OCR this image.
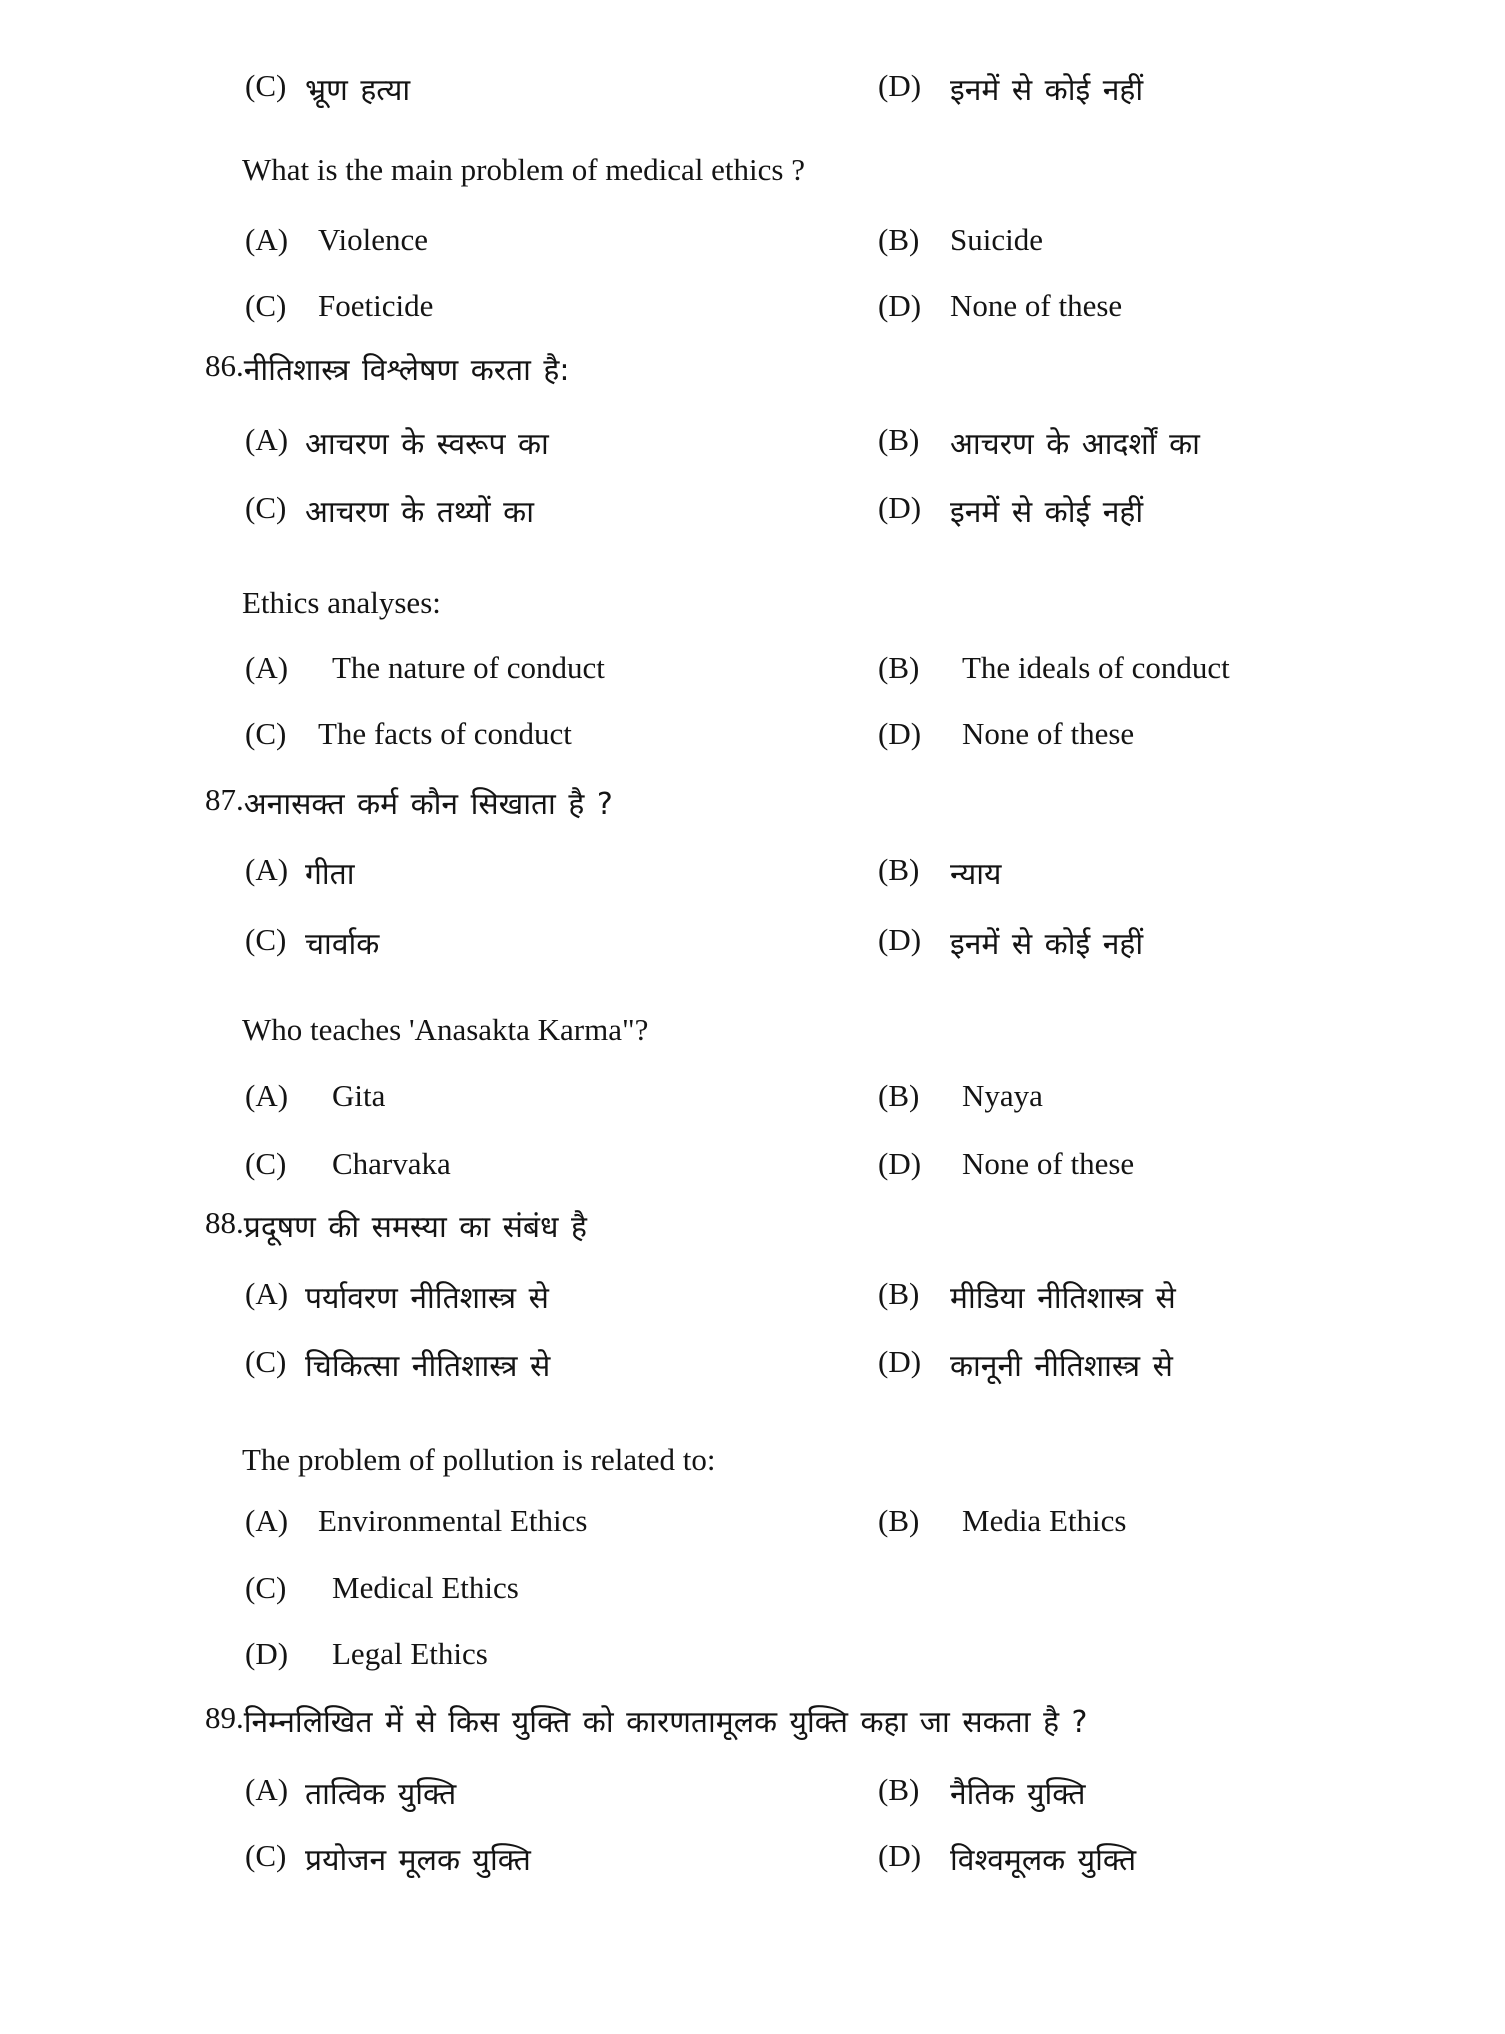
(C) भ्रूण हत्या	(D) इनमें से कोई नहीं
What is the main problem of medical ethics ?
(A) Violence	(B) Suicide
(C) Foeticide	(D) None of these
86. नीतिशास्त्र विश्लेषण करता है:
(A) आचरण के स्वरूप का	(B) आचरण के आदर्शों का
(C) आचरण के तथ्यों का	(D) इनमें से कोई नहीं
Ethics analyses:
(A) The nature of conduct	(B) The ideals of conduct
(C) The facts of conduct	(D) None of these
87. अनासक्त कर्म कौन सिखाता है ?
(A) गीता	(B) न्याय
(C) चार्वाक	(D) इनमें से कोई नहीं
Who teaches 'Anasakta Karma"?
(A) Gita	(B) Nyaya
(C) Charvaka	(D) None of these
88. प्रदूषण की समस्या का संबंध है
(A) पर्यावरण नीतिशास्त्र से	(B) मीडिया नीतिशास्त्र से
(C) चिकित्सा नीतिशास्त्र से	(D) कानूनी नीतिशास्त्र से
The problem of pollution is related to:
(A) Environmental Ethics	(B) Media Ethics
(C) Medical Ethics
(D) Legal Ethics
89. निम्नलिखित में से किस युक्ति को कारणतामूलक युक्ति कहा जा सकता है ?
(A) तात्विक युक्ति	(B) नैतिक युक्ति
(C) प्रयोजन मूलक युक्ति	(D) विश्वमूलक युक्ति
